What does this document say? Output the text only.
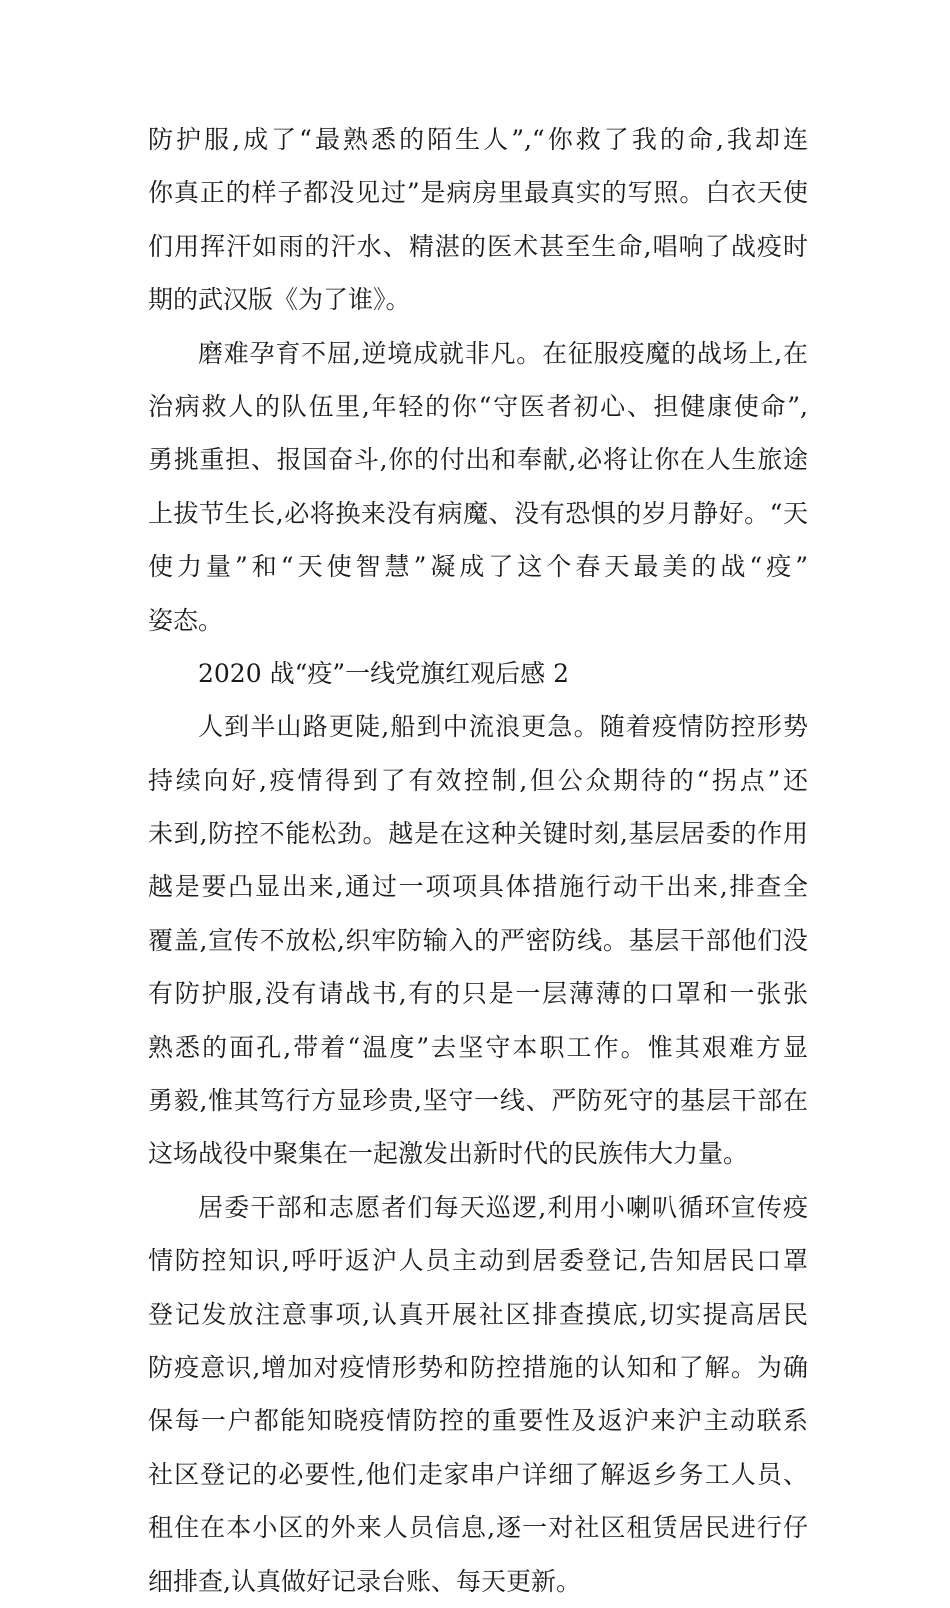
防护服,成了“最熟悉的陌生人”,“你救了我的命,我却连
你真正的样子都没见过”是病房里最真实的写照。白衣天使
们用挥汗如雨的汗水、精湛的医术甚至生命,唱响了战疫时
期的武汉版《为了谁》。
磨难孕育不屈,逆境成就非凡。在征服疫魔的战场上,在
治病救人的队伍里,年轻的你“守医者初心、担健康使命”,
勇挑重担、报国奋斗,你的付出和奉献,必将让你在人生旅途
上拔节生长,必将换来没有病魔、没有恐惧的岁月静好。“天
使力量”和“天使智慧”凝成了这个春天最美的战“疫”
姿态。
2020 战“疫”一线党旗红观后感 2
人到半山路更陡,船到中流浪更急。随着疫情防控形势
持续向好,疫情得到了有效控制,但公众期待的“拐点”还
未到,防控不能松劲。越是在这种关键时刻,基层居委的作用
越是要凸显出来,通过一项项具体措施行动干出来,排查全
覆盖,宣传不放松,织牢防输入的严密防线。基层干部他们没
有防护服,没有请战书,有的只是一层薄薄的口罩和一张张
熟悉的面孔,带着“温度”去坚守本职工作。惟其艰难方显
勇毅,惟其笃行方显珍贵,坚守一线、严防死守的基层干部在
这场战役中聚集在一起激发出新时代的民族伟大力量。
居委干部和志愿者们每天巡逻,利用小喇叭循环宣传疫
情防控知识,呼吁返沪人员主动到居委登记,告知居民口罩
登记发放注意事项,认真开展社区排查摸底,切实提高居民
防疫意识,增加对疫情形势和防控措施的认知和了解。为确
保每一户都能知晓疫情防控的重要性及返沪来沪主动联系
社区登记的必要性,他们走家串户详细了解返乡务工人员、
租住在本小区的外来人员信息,逐一对社区租赁居民进行仔
细排查,认真做好记录台账、每天更新。
